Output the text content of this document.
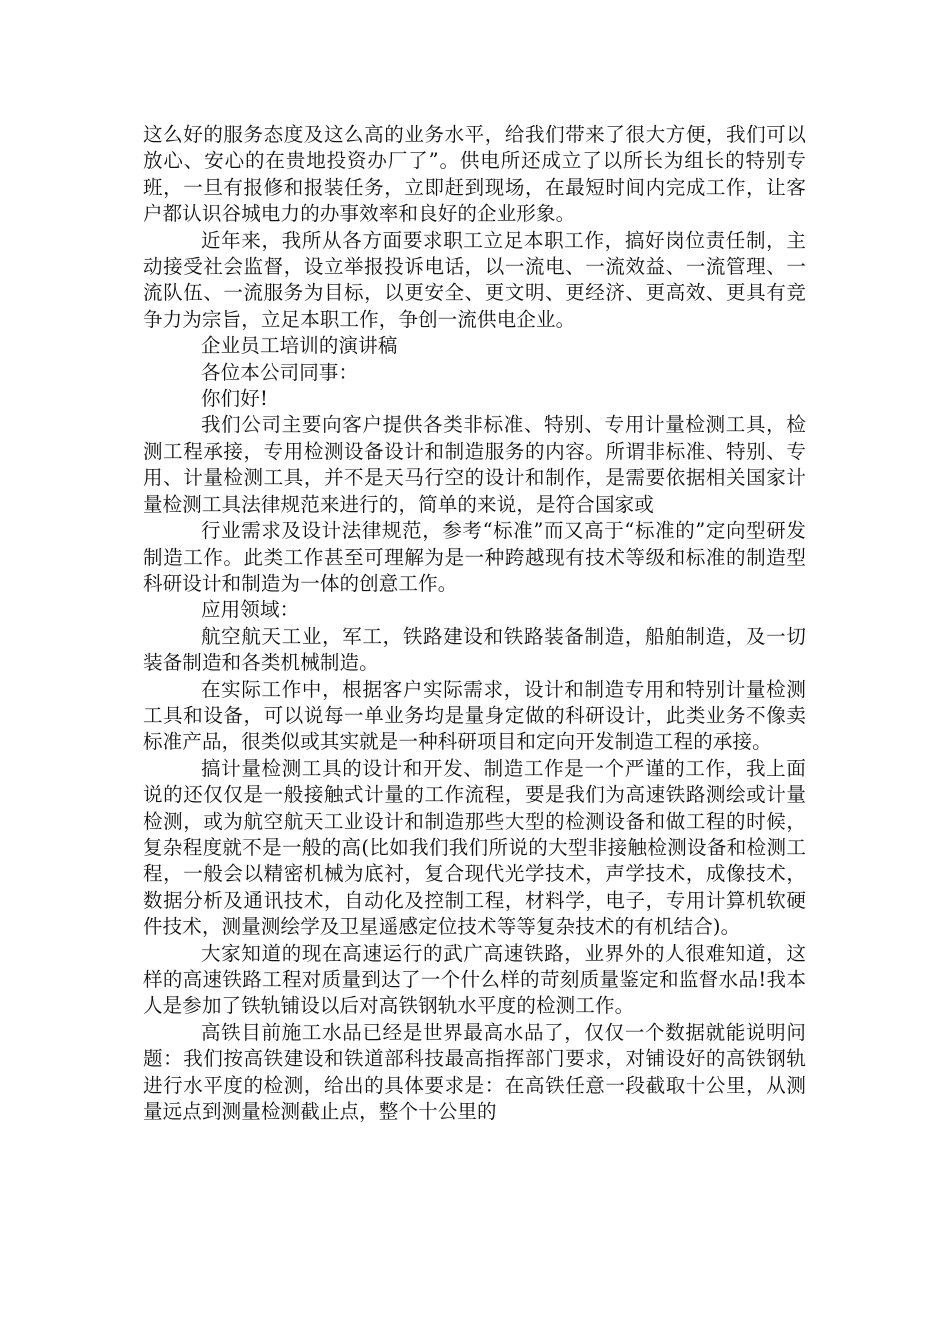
这么好的服务态度及这么高的业务水平，给我们带来了很大方便，我们可以放心、安心的在贵地投资办厂了”。供电所还成立了以所长为组长的特别专班，一旦有报修和报装任务，立即赶到现场，在最短时间内完成工作，让客户都认识谷城电力的办事效率和良好的企业形象。

近年来，我所从各方面要求职工立足本职工作，搞好岗位责任制，主动接受社会监督，设立举报投诉电话，以一流电、一流效益、一流管理、一流队伍、一流服务为目标，以更安全、更文明、更经济、更高效、更具有竞争力为宗旨，立足本职工作，争创一流供电企业。

企业员工培训的演讲稿

各位本公司同事：

你们好!

我们公司主要向客户提供各类非标准、特别、专用计量检测工具，检测工程承接，专用检测设备设计和制造服务的内容。所谓非标准、特别、专用、计量检测工具，并不是天马行空的设计和制作，是需要依据相关国家计量检测工具法律规范来进行的，简单的来说，是符合国家或

行业需求及设计法律规范，参考“标准”而又高于“标准的”定向型研发制造工作。此类工作甚至可理解为是一种跨越现有技术等级和标准的制造型科研设计和制造为一体的创意工作。

应用领域：

航空航天工业，军工，铁路建设和铁路装备制造，船舶制造，及一切装备制造和各类机械制造。

在实际工作中，根据客户实际需求，设计和制造专用和特别计量检测工具和设备，可以说每一单业务均是量身定做的科研设计，此类业务不像卖标准产品，很类似或其实就是一种科研项目和定向开发制造工程的承接。

搞计量检测工具的设计和开发、制造工作是一个严谨的工作，我上面说的还仅仅是一般接触式计量的工作流程，要是我们为高速铁路测绘或计量检测，或为航空航天工业设计和制造那些大型的检测设备和做工程的时候，复杂程度就不是一般的高(比如我们我们所说的大型非接触检测设备和检测工程，一般会以精密机械为底衬，复合现代光学技术，声学技术，成像技术，数据分析及通讯技术，自动化及控制工程，材料学，电子，专用计算机软硬件技术，测量测绘学及卫星遥感定位技术等等复杂技术的有机结合)。

大家知道的现在高速运行的武广高速铁路，业界外的人很难知道，这样的高速铁路工程对质量到达了一个什么样的苛刻质量鉴定和监督水品!我本人是参加了铁轨铺设以后对高铁钢轨水平度的检测工作。

高铁目前施工水品已经是世界最高水品了，仅仅一个数据就能说明问题：我们按高铁建设和铁道部科技最高指挥部门要求，对铺设好的高铁钢轨进行水平度的检测，给出的具体要求是：在高铁任意一段截取十公里，从测量远点到测量检测截止点，整个十公里的
